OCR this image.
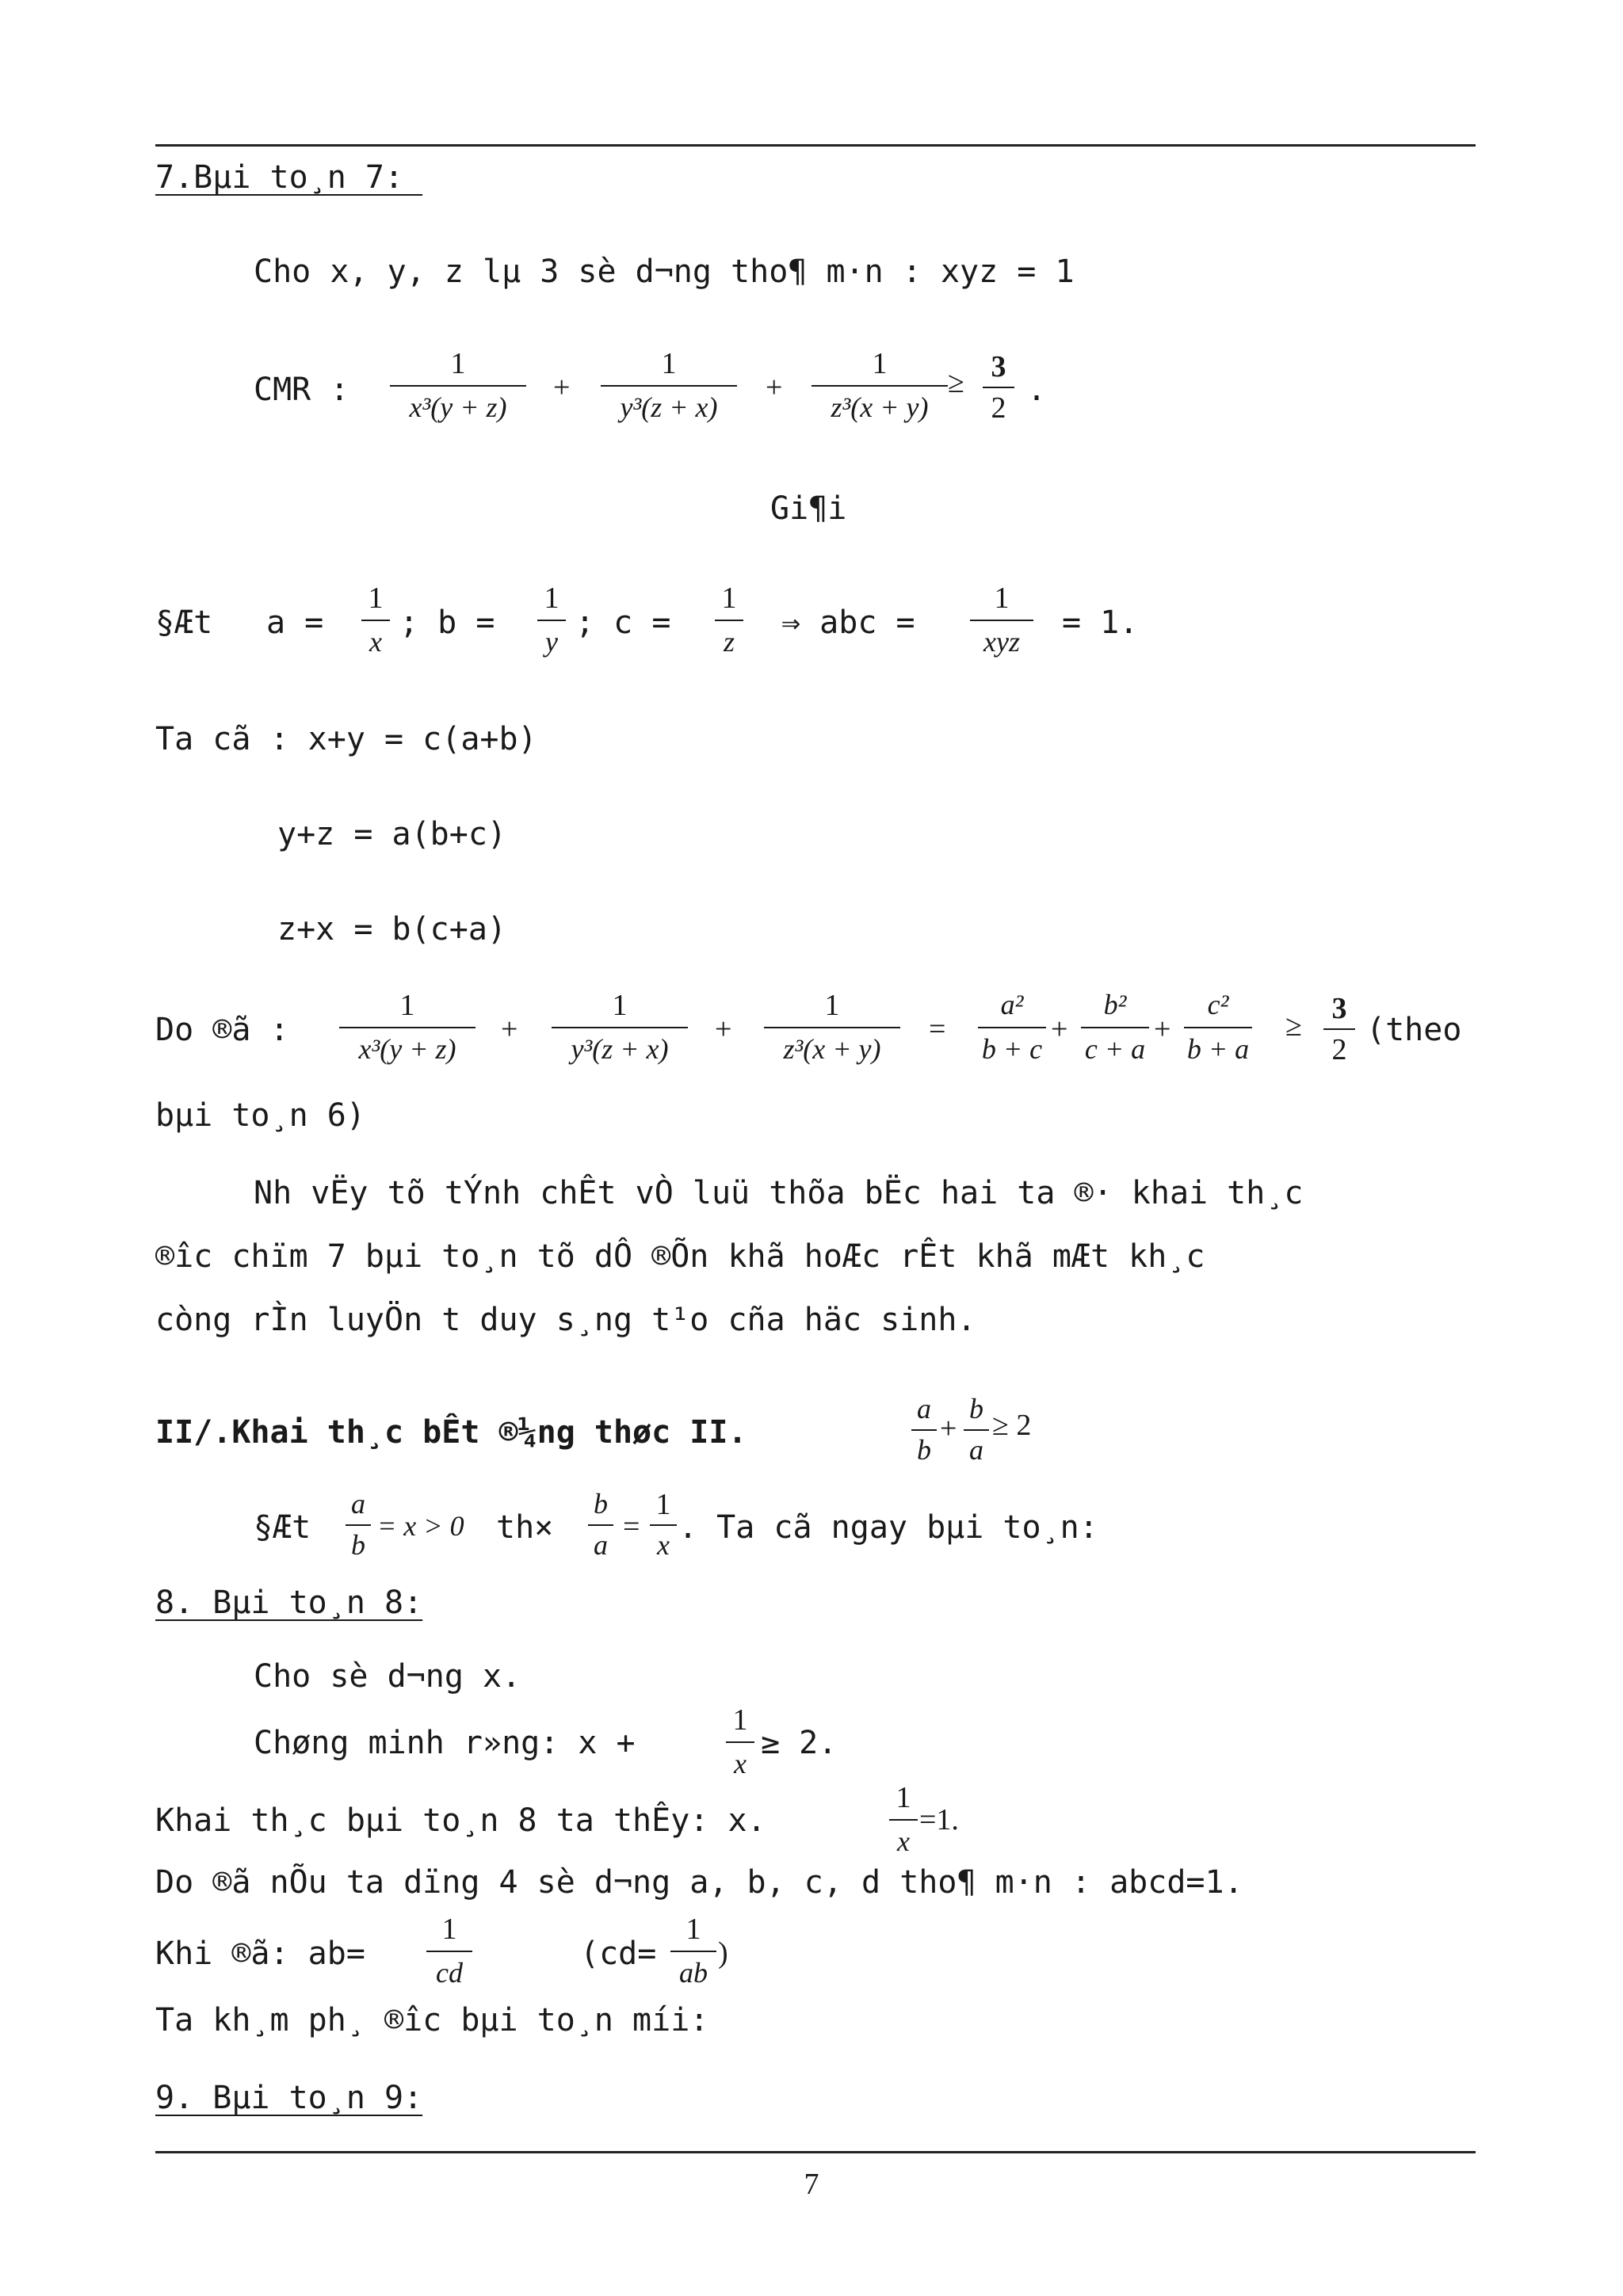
7.Bµi to¸n 7:
Cho x, y, z lµ 3 sè d¬ng tho¶ m·n : xyz = 1
CMR :
1
x³(y + z)
+
1
y³(z + x)
+
1
z³(x + y)
≥ 3
2 .
Gi¶i
§Æt a =
1
x
; b =
1
y
; c =
1
z
⇒ abc =
1
xyz
= 1.
Ta cã : x+y = c(a+b)
y+z = a(b+c)
z+x = b(c+a)
Do ®ã :
1
x³(y + z)
+
1
y³(z + x)
+
1
z³(x + y)
=
a²
b + c
+
b²
c + a
+
c²
b + a
≥
3
2
(theo
bµi to¸n 6)
Nh vËy tõ tÝnh chÊt vÒ luü thõa bËc hai ta ®· khai th¸c
®îc chïm 7 bµi to¸n tõ dÔ ®Õn khã hoÆc rÊt khã mÆt kh¸c
còng rÌn luyÖn t duy s¸ng t¹o cña häc sinh.
II/.Khai th¸c bÊt ®¼ng thøc II.
a
b
+
b
a
≥ 2
§Æt
a
b
= x > 0 th×
b
a
=
1
x . Ta cã ngay bµi to¸n:
8. Bµi to¸n 8:
Cho sè d¬ng x.
Chøng minh r»ng: x +
1
x
≥ 2.
Khai th¸c bµi to¸n 8 ta thÊy: x.
1
x
=1.
Do ®ã nÕu ta dïng 4 sè d¬ng a, b, c, d tho¶ m·n : abcd=1.
Khi ®ã: ab=
1
cd
(cd=
1
ab
)
Ta kh¸m ph¸ ®îc bµi to¸n míi:
9. Bµi to¸n 9:
7
